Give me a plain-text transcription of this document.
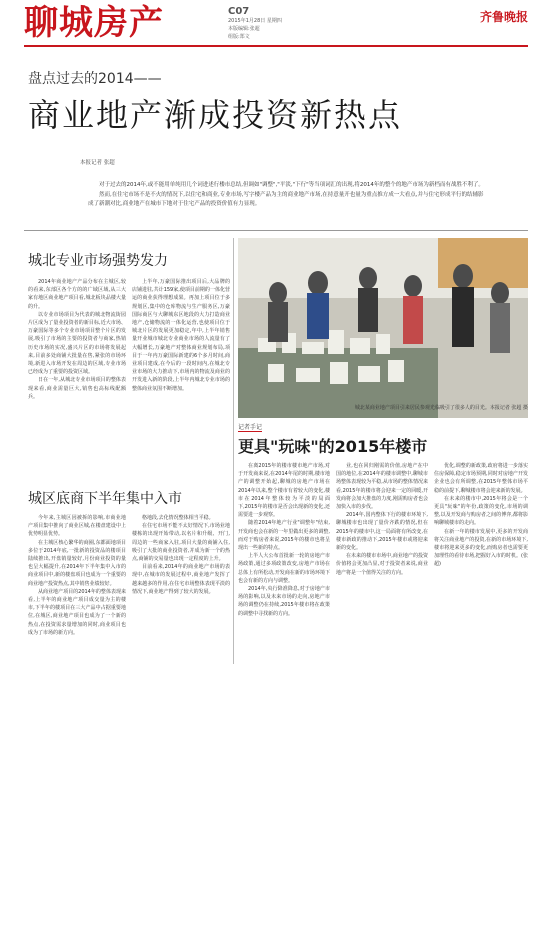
聊城房产	C07
2015年1月28日 星期四
本版编辑:张超
组版:郑文
齐鲁晚报
盘点过去的2014——
商业地产渐成投资新热点
本报记者 张超

对于过去的2014年,或不能用单纯用几个词进述行楼市总结,但调如"调整","平淡,"下行"等当项词汇的出现,将2014年的整个的地产市场为新档而有战胜不利了。

然而,在住宅市场不是不火的情况下,以住宅和商业,专业市场,写字楼产品为主的商业地产市场,在持意量开也量为重点推方成一大看点,并与住宅形成平行的结辅影成了新潮对比,商业地产在城市下地对于住宅产品的投资价值有力显现。

城北专业市场强势发力

2014年商业地产产品分布在主城区,较的看来,东部区各个方的的广域区域,从三大家有地区商业地产项目看,城北板块品楼大量的升。

以专业市场项目为代表的城北物流街园片区成为了量业投资者的新目标,近大市场、万豪国际等多个专业市场项目整个片区的发展,吸引了市场的主要的投资者与商家,热销历史市场的实况,盛兴片区的市场将发展起来,目前多处商铺大批量在售,紧张的市场环境,新进入市场开发在周边的区域,专业市场已经成为了重要的投资区域。

日在一年,从城北专业市场项目的整体表现来看,商业需量巨大,销售也高标线配额兵。

上半年,万豪国际推出项目后,大品牌的店铺进驻,共计159家,使项目前期的一体化营运的商业获得理想成果。再加上项目位于多规划区,集中的仓库物流与生产服务区,万豪国际商区与大聊城东区地段的大力打造商业地产,仓储物流的一体化运营,也使项目位于城北片区的发展更加稳定,年中,上半年销售量开业城市城北专业商业市场的人流量有了大幅增长,万豪地产对整体商业规划布局,项目于一年内万豪国际新建的6个多月时间,商业项目建成,在今后的一段时间内,在城北专业市场的大力推动下,市场内的物流及商业的开发进入新的阶段,上半年内城北专业市场的整体商业氛围不断增加。

城区底商下半年集中入市

今年来,主城区因被拆的影响,市商业地产项目集中推向了商业区城,在楼盘建设中上优势明显优势。

在主城区核心繁华的商圈,东都面地项目多位于2014年底,一批新的投资品的楼项目陆续推出,开盘销量较好,月份商业投资的量也呈大幅提升,在2014年下半年集中入市的商业项目中,新的楼盘项目也成为一个重要的商业地产投资热点,其中销售业绩较好。

从商业地产项目的2014年的整体表现来看,上半年的商业地产项目成交量为主的楼市,下半年的楼项目在三大产品中占据重要地位,在城区,商业地产项目也成为了一个新的热点,在投资需求量增加的同时,商业项目也成为了市场的新方向。

格地段,去化情况整体相当平稳。

在住宅市场不能不太好情况下,市场业地楼栋的出现开始带动,以名片和升级、开门,周边的一些商家入驻,项目大量的商铺入住,吸引了大批的商业投资者,并成为新一个的热点,商铺的交易量也出现一定程度的上升。

目前看来,2014年的商业地产市场的表现中,在城市的发展过程中,商业地产发挥了越来越多的作用,在住宅市场整体表现平淡的情况下,商业地产得到了较大的发展。

城北某商业地产项目引来居民参观光临吸引了很多人的目光。本报记者 张超 摄
记者手记
更具"玩味"的2015年楼市

在离2015年的楼市楼市地产市场,对于开发商来说,在2014年尾的时期,楼市地产的调整开始起,聊城的房地产市场在2014年以来,整个楼市有着较大的变化,楼市在2014年整体较为平淡的局面下,2015年的楼市是否会出现新的变化,还需要进一步观察。

随着2014年地产行业"调整年"结束,开发商也会在新的一年里做出更多的调整,而对于购房者来说,2015年的楼市也将呈现出一些新的特点。

上半人大公布首批新一轮的房地产市场政策,通过多项政策改变,房地产市场在总体上有所松动,开发商在新的市场环境下也会有新的方向与调整。

2014年,央行降准降息,对于房地产市场的影响,以及未来市场的走向,房地产市场的调整仍在持续,2015年楼市将在政策的调整中寻找新的方向。

业,也在回归刚需的价值,房地产在中国的地位,在2014年的楼市调整中,聊城市场整体表现较为平稳,从市场的整体情况来看,2015年的楼市将会迎来一定的回暖,开发商将会加大推盘的力度,刚需购房者也会加快入市的步伐。

2014年,国内整体下行的楼市环境下,聊城楼市也出现了量价齐跌的情况,但在2015年的楼市中,这一局面将有所改变,在楼市新政的推动下,2015年楼市或将迎来新的变化。

在未来的楼市市场中,商业地产的投资价值将会更加凸显,对于投资者来说,商业地产将是一个值得关注的方向。

优化,调整的新政策,政府将进一步落实住房保障,稳定市场预期,同时对房地产开发企业也会有所调整,在2015年整体市场平稳的前提下,聊城楼市将会迎来新的发展。

在未来的楼市中,2015年将会是一个更具"玩味"的年份,政策的变化,市场的调整,以及开发商与购房者之间的博弈,都将影响聊城楼市的走向。

在新一年的楼市发展中,更多的开发商将关注商业地产的投资,在新的市场环境下,楼市将迎来更多的变化,而购房者也需要更加理性的看待市场,把握好入市的时机。(张超)
